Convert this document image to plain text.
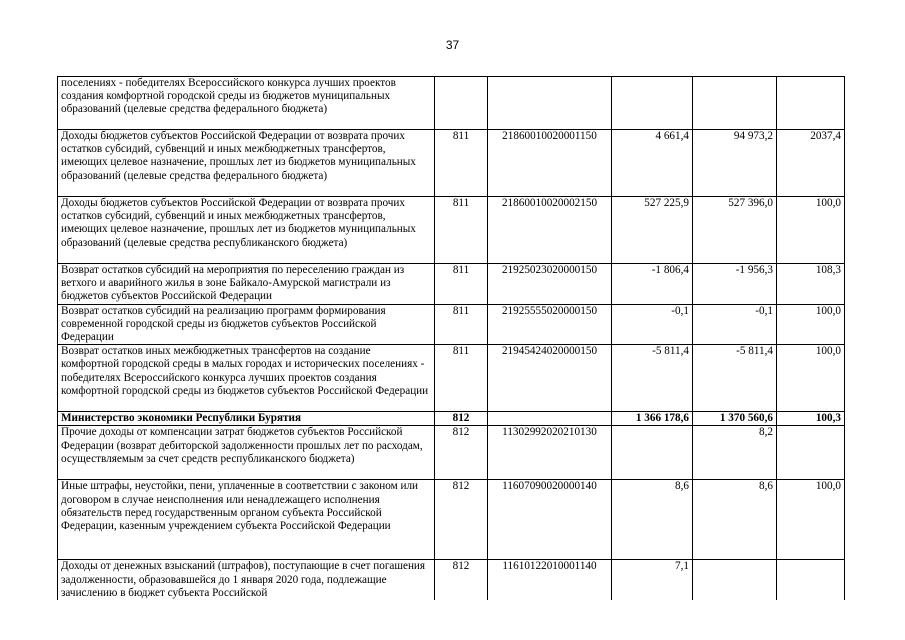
37
поселениях - победителях Всероссийского конкурса лучших проектов создания комфортной городской среды из бюджетов муниципальных образований (целевые средства федерального бюджета)					
Доходы бюджетов субъектов Российской Федерации от возврата прочих остатков субсидий, субвенций и иных межбюджетных трансфертов, имеющих целевое назначение, прошлых лет из бюджетов муниципальных образований (целевые средства федерального бюджета)	811	21860010020001150	4 661,4	94 973,2	2037,4
Доходы бюджетов субъектов Российской Федерации от возврата прочих остатков субсидий, субвенций и иных межбюджетных трансфертов, имеющих целевое назначение, прошлых лет из бюджетов муниципальных образований (целевые средства республиканского бюджета)	811	21860010020002150	527 225,9	527 396,0	100,0
Возврат остатков субсидий на мероприятия по переселению граждан из ветхого и аварийного жилья в зоне Байкало-Амурской магистрали из бюджетов субъектов Российской Федерации	811	21925023020000150	-1 806,4	-1 956,3	108,3
Возврат остатков субсидий на реализацию программ формирования современной городской среды из бюджетов субъектов Российской Федерации	811	21925555020000150	-0,1	-0,1	100,0
Возврат остатков иных межбюджетных трансфертов на создание комфортной городской среды в малых городах и исторических поселениях - победителях Всероссийского конкурса лучших проектов создания комфортной городской среды из бюджетов субъектов Российской Федерации	811	21945424020000150	-5 811,4	-5 811,4	100,0
Министерство экономики Республики Бурятия	812		1 366 178,6	1 370 560,6	100,3
Прочие доходы от компенсации затрат бюджетов субъектов Российской Федерации (возврат дебиторской задолженности прошлых лет по расходам, осуществляемым за счет средств республиканского бюджета)	812	11302992020210130		8,2	
Иные штрафы, неустойки, пени, уплаченные в соответствии с законом или договором в случае неисполнения или ненадлежащего исполнения обязательств перед государственным органом субъекта Российской Федерации, казенным учреждением субъекта Российской Федерации	812	11607090020000140	8,6	8,6	100,0
Доходы от денежных взысканий (штрафов), поступающие в счет погашения задолженности, образовавшейся до 1 января 2020 года, подлежащие зачислению в бюджет субъекта Российской	812	11610122010001140	7,1		
